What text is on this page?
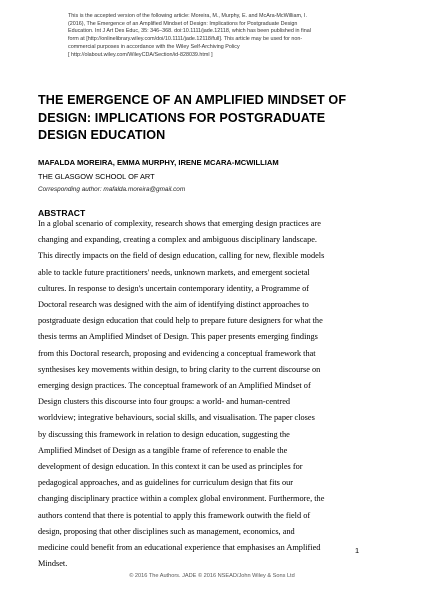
This is the accepted version of the following article: Moreira, M., Murphy, E. and McAra-McWilliam, I.
(2016), The Emergence of an Amplified Mindset of Design: Implications for Postgraduate Design
Education. Int J Art Des Educ, 35: 346–368. doi:10.1111/jade.12118, which has been published in final
form at [http://onlinelibrary.wiley.com/doi/10.1111/jade.12118/full]. This article may be used for non-
commercial purposes in accordance with the Wiley Self-Archiving Policy
[ http://olabout.wiley.com/WileyCDA/Section/id-828039.html ]
THE EMERGENCE OF AN AMPLIFIED MINDSET OF
DESIGN: IMPLICATIONS FOR POSTGRADUATE
DESIGN EDUCATION
MAFALDA MOREIRA, EMMA MURPHY, IRENE MCARA-MCWILLIAM
THE GLASGOW SCHOOL OF ART
Corresponding author: mafalda.moreira@gmail.com
ABSTRACT
In a global scenario of complexity, research shows that emerging design practices are
changing and expanding, creating a complex and ambiguous disciplinary landscape.
This directly impacts on the field of design education, calling for new, flexible models
able to tackle future practitioners' needs, unknown markets, and emergent societal
cultures. In response to design's uncertain contemporary identity, a Programme of
Doctoral research was designed with the aim of identifying distinct approaches to
postgraduate design education that could help to prepare future designers for what the
thesis terms an Amplified Mindset of Design. This paper presents emerging findings
from this Doctoral research, proposing and evidencing a conceptual framework that
synthesises key movements within design, to bring clarity to the current discourse on
emerging design practices. The conceptual framework of an Amplified Mindset of
Design clusters this discourse into four groups: a world- and human-centred
worldview; integrative behaviours, social skills, and visualisation. The paper closes
by discussing this framework in relation to design education, suggesting the
Amplified Mindset of Design as a tangible frame of reference to enable the
development of design education. In this context it can be used as principles for
pedagogical approaches, and as guidelines for curriculum design that fits our
changing disciplinary practice within a complex global environment. Furthermore, the
authors contend that there is potential to apply this framework outwith the field of
design, proposing that other disciplines such as management, economics, and
medicine could benefit from an educational experience that emphasises an Amplified
Mindset.
1
© 2016 The Authors. JADE © 2016 NSEAD/John Wiley & Sons Ltd
